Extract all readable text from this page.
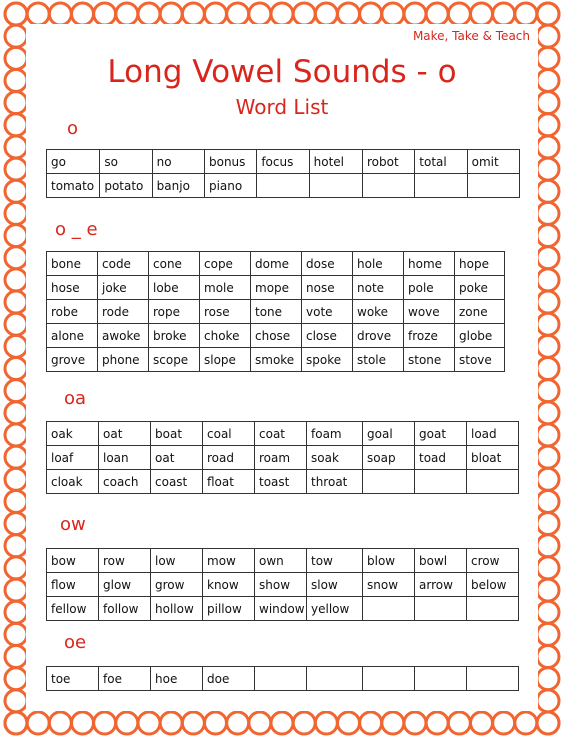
Make, Take & Teach
Long Vowel Sounds - o
Word List
o
go	so	no	bonus	focus	hotel	robot	total	omit
tomato	potato	banjo	piano					
o _ e
bone	code	cone	cope	dome	dose	hole	home	hope
hose	joke	lobe	mole	mope	nose	note	pole	poke
robe	rode	rope	rose	tone	vote	woke	wove	zone
alone	awoke	broke	choke	chose	close	drove	froze	globe
grove	phone	scope	slope	smoke	spoke	stole	stone	stove
oa
oak	oat	boat	coal	coat	foam	goal	goat	load
loaf	loan	oat	road	roam	soak	soap	toad	bloat
cloak	coach	coast	float	toast	throat			
ow
bow	row	low	mow	own	tow	blow	bowl	crow
flow	glow	grow	know	show	slow	snow	arrow	below
fellow	follow	hollow	pillow	window	yellow			
oe
toe	foe	hoe	doe					
